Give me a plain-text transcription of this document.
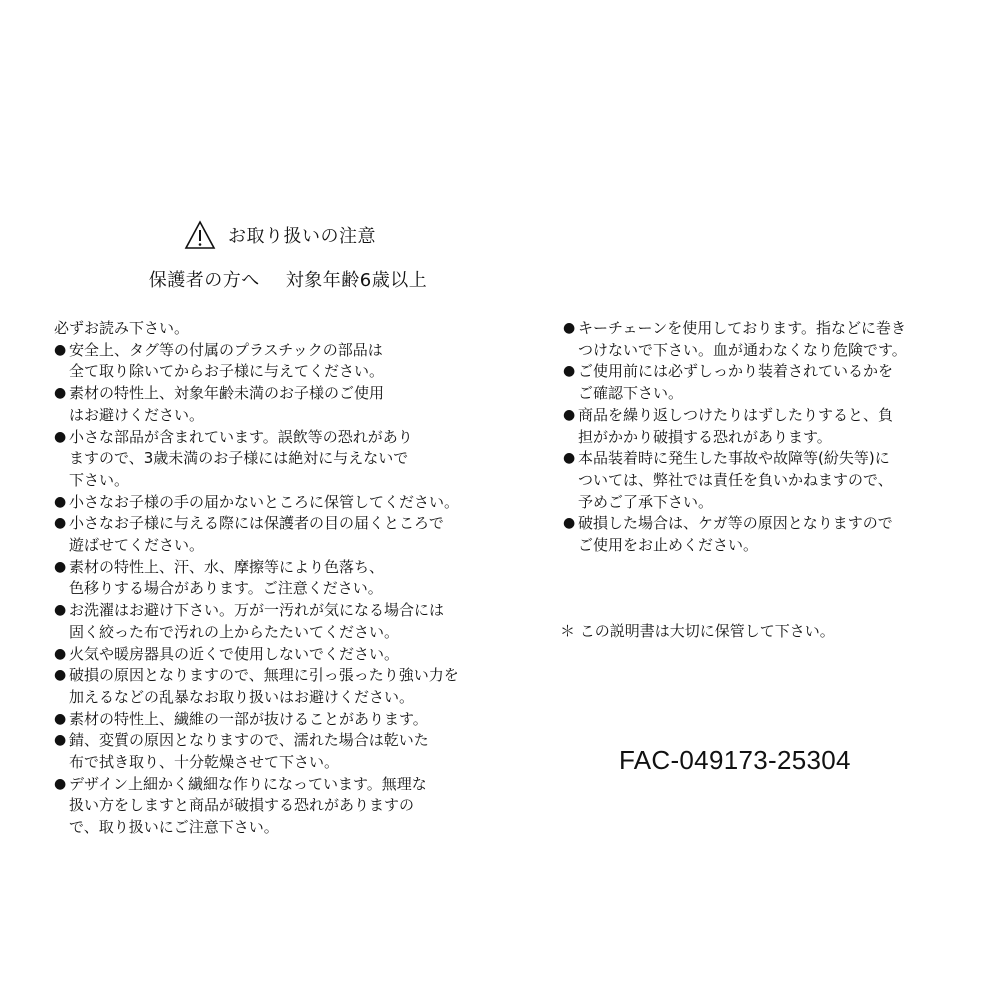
お取り扱いの注意
保護者の方へ 対象年齢6歳以上
必ずお読み下さい。
● 安全上、タグ等の付属のプラスチックの部品は
全て取り除いてからお子様に与えてください。
● 素材の特性上、対象年齢未満のお子様のご使用
はお避けください。
● 小さな部品が含まれています。誤飲等の恐れがあり
ますので、3歳未満のお子様には絶対に与えないで
下さい。
● 小さなお子様の手の届かないところに保管してください。
● 小さなお子様に与える際には保護者の目の届くところで
遊ばせてください。
● 素材の特性上、汗、水、摩擦等により色落ち、
色移りする場合があります。ご注意ください。
● お洗濯はお避け下さい。万が一汚れが気になる場合には
固く絞った布で汚れの上からたたいてください。
● 火気や暖房器具の近くで使用しないでください。
● 破損の原因となりますので、無理に引っ張ったり強い力を
加えるなどの乱暴なお取り扱いはお避けください。
● 素材の特性上、繊維の一部が抜けることがあります。
● 錆、変質の原因となりますので、濡れた場合は乾いた
布で拭き取り、十分乾燥させて下さい。
● デザイン上細かく繊細な作りになっています。無理な
扱い方をしますと商品が破損する恐れがありますの
で、取り扱いにご注意下さい。
● キーチェーンを使用しております。指などに巻き
つけないで下さい。血が通わなくなり危険です。
● ご使用前には必ずしっかり装着されているかを
ご確認下さい。
● 商品を繰り返しつけたりはずしたりすると、負
担がかかり破損する恐れがあります。
● 本品装着時に発生した事故や故障等(紛失等)に
ついては、弊社では責任を負いかねますので、
予めご了承下さい。
● 破損した場合は、ケガ等の原因となりますので
ご使用をお止めください。
＊ この説明書は大切に保管して下さい。
FAC-049173-25304
